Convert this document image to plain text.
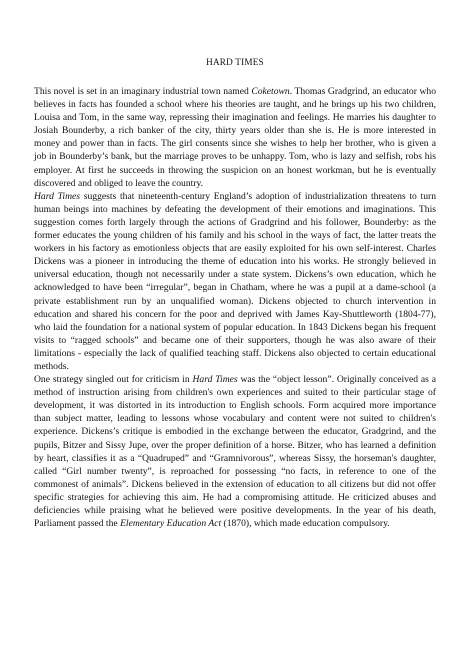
HARD TIMES

This novel is set in an imaginary industrial town named Coketown. Thomas Gradgrind, an educator who believes in facts has founded a school where his theories are taught, and he brings up his two children, Louisa and Tom, in the same way, repressing their imagination and feelings. He marries his daughter to Josiah Bounderby, a rich banker of the city, thirty years older than she is. He is more interested in money and power than in facts. The girl consents since she wishes to help her brother, who is given a job in Bounderby’s bank, but the marriage proves to be unhappy. Tom, who is lazy and selfish, robs his employer. At first he succeeds in throwing the suspicion on an honest workman, but he is eventually discovered and obliged to leave the country.

Hard Times suggests that nineteenth-century England’s adoption of industrialization threatens to turn human beings into machines by defeating the development of their emotions and imaginations. This suggestion comes forth largely through the actions of Gradgrind and his follower, Bounderby: as the former educates the young children of his family and his school in the ways of fact, the latter treats the workers in his factory as emotionless objects that are easily exploited for his own self-interest. Charles Dickens was a pioneer in introducing the theme of education into his works. He strongly believed in universal education, though not necessarily under a state system. Dickens’s own education, which he acknowledged to have been “irregular”, began in Chatham, where he was a pupil at a dame-school (a private establishment run by an unqualified woman). Dickens objected to church intervention in education and shared his concern for the poor and deprived with James Kay-Shuttleworth (1804-77), who laid the foundation for a national system of popular education. In 1843 Dickens began his frequent visits to “ragged schools” and became one of their supporters, though he was also aware of their limitations - especially the lack of qualified teaching staff. Dickens also objected to certain educational methods.

One strategy singled out for criticism in Hard Times was the “object lesson”. Originally conceived as a method of instruction arising from children's own experiences and suited to their particular stage of development, it was distorted in its introduction to English schools. Form acquired more importance than subject matter, leading to lessons whose vocabulary and content were not suited to children's experience. Dickens’s critique is embodied in the exchange between the educator, Gradgrind, and the pupils, Bitzer and Sissy Jupe, over the proper definition of a horse. Bitzer, who has learned a definition by heart, classifies it as a “Quadruped” and “Gramnivorous”, whereas Sissy, the horseman's daughter, called “Girl number twenty”, is reproached for possessing “no facts, in reference to one of the commonest of animals”. Dickens believed in the extension of education to all citizens but did not offer specific strategies for achieving this aim. He had a compromising attitude. He criticized abuses and deficiencies while praising what he believed were positive developments. In the year of his death, Parliament passed the Elementary Education Act (1870), which made education compulsory.
